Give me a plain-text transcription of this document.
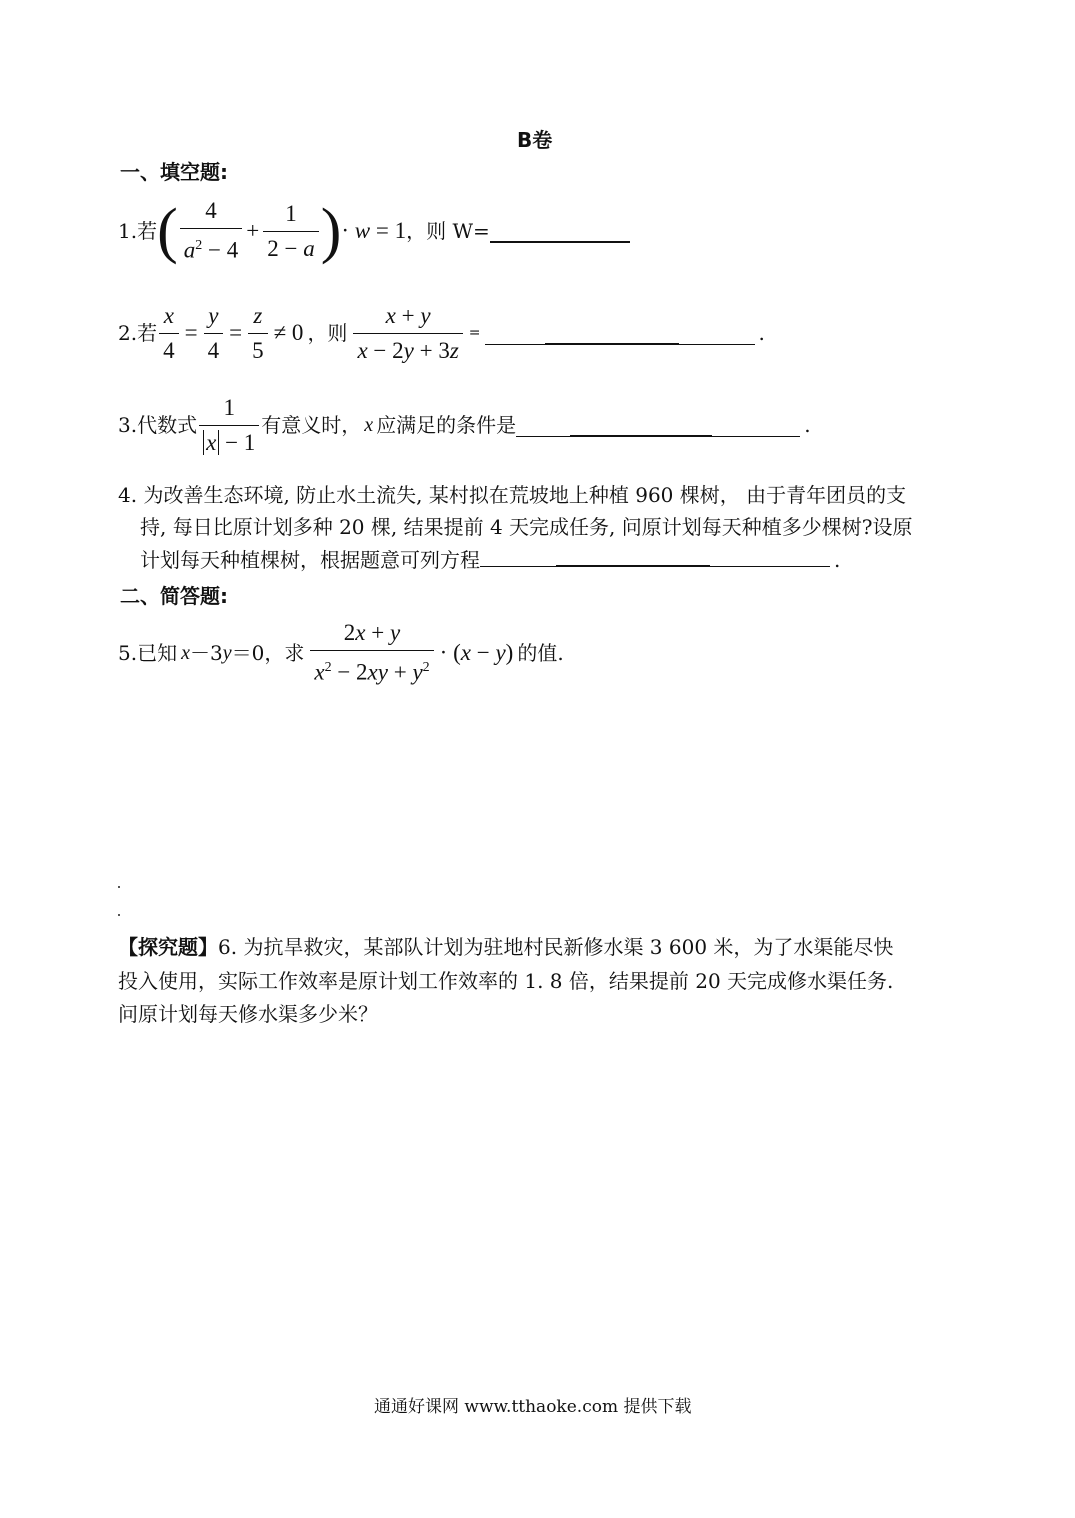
B卷
一、填空题:
1. 若 ( $\frac{4}{a^2 - 4} + \frac{1}{2 - a}$ ) · w = 1 ，则 W=
2. 若 $\frac{x}{4} = \frac{y}{4} = \frac{z}{5} \ne 0$ ，则 $\frac{x + y}{x - 2y + 3z}$ =	.
3. 代数式 $\frac{1}{x - 1}$ 有意义时， x 应满足的条件是	.
4. 为改善生态环境, 防止水土流失, 某村拟在荒坡地上种植 960 棵树， 由于青年团员的支
持, 每日比原计划多种 20 棵, 结果提前 4 天完成任务, 问原计划每天种植多少棵树?设原
计划每天种植棵树，根据题意可列方程	.
二、简答题:
5. 已知 x －3 y ＝0，求 $\frac{2x + y}{x^2 - 2xy + y^2} \cdot (x - y)$ 的值.
【探究题】 6. 为抗旱救灾，某部队计划为驻地村民新修水渠 3 600 米，为了水渠能尽快
投入使用，实际工作效率是原计划工作效率的 1. 8 倍，结果提前 20 天完成修水渠任务.
问原计划每天修水渠多少米？
通通好课网 www.tthaoke.com 提供下载
